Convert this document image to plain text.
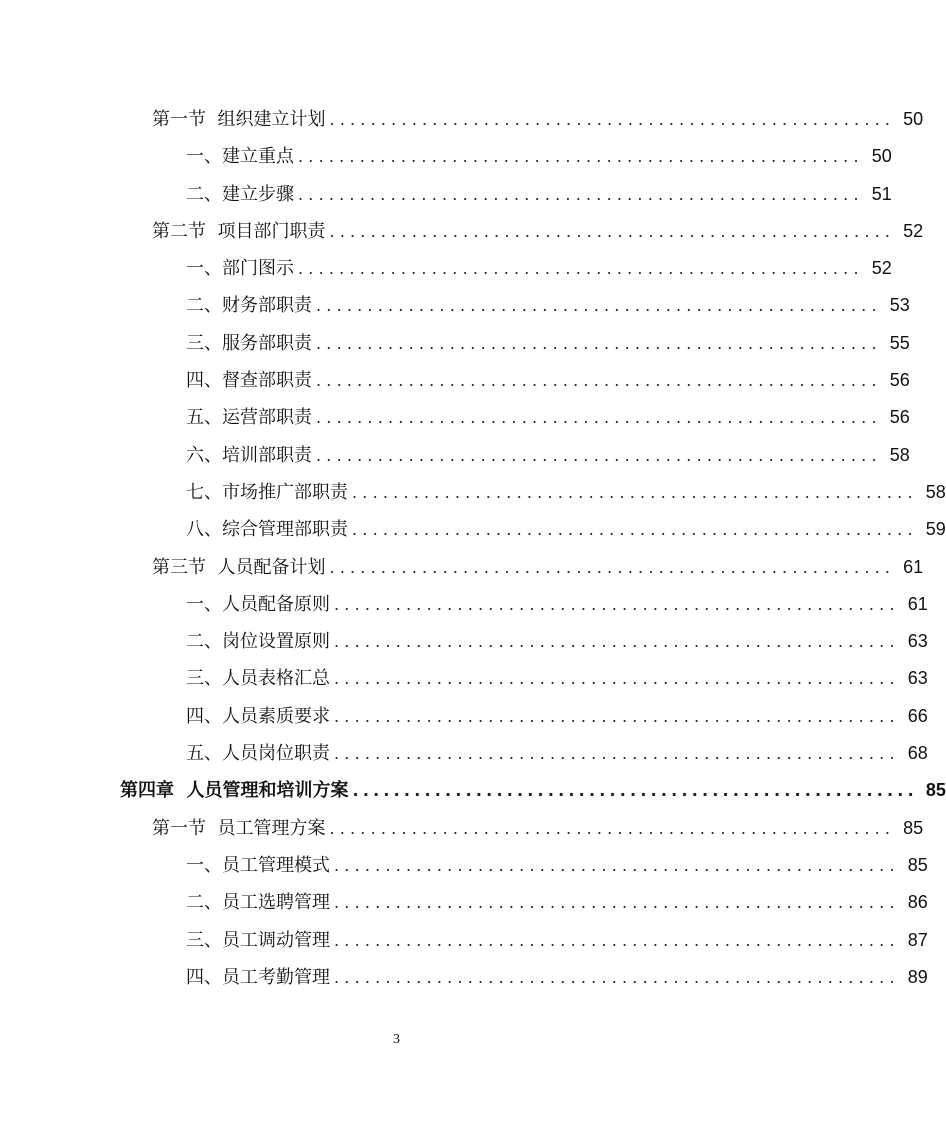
第一节  组织建立计划 ....................................................... 50
一、建立重点 ....................................................... 50
二、建立步骤 ....................................................... 51
第二节  项目部门职责 ....................................................... 52
一、部门图示 ....................................................... 52
二、财务部职责 ....................................................... 53
三、服务部职责 ....................................................... 55
四、督查部职责 ....................................................... 56
五、运营部职责 ....................................................... 56
六、培训部职责 ....................................................... 58
七、市场推广部职责 ....................................................... 58
八、综合管理部职责 ....................................................... 59
第三节  人员配备计划 ....................................................... 61
一、人员配备原则 ....................................................... 61
二、岗位设置原则 ....................................................... 63
三、人员表格汇总 ....................................................... 63
四、人员素质要求 ....................................................... 66
五、人员岗位职责 ....................................................... 68
第四章  人员管理和培训方案 ....................................................... 85
第一节  员工管理方案 ....................................................... 85
一、员工管理模式 ....................................................... 85
二、员工选聘管理 ....................................................... 86
三、员工调动管理 ....................................................... 87
四、员工考勤管理 ....................................................... 89
3
